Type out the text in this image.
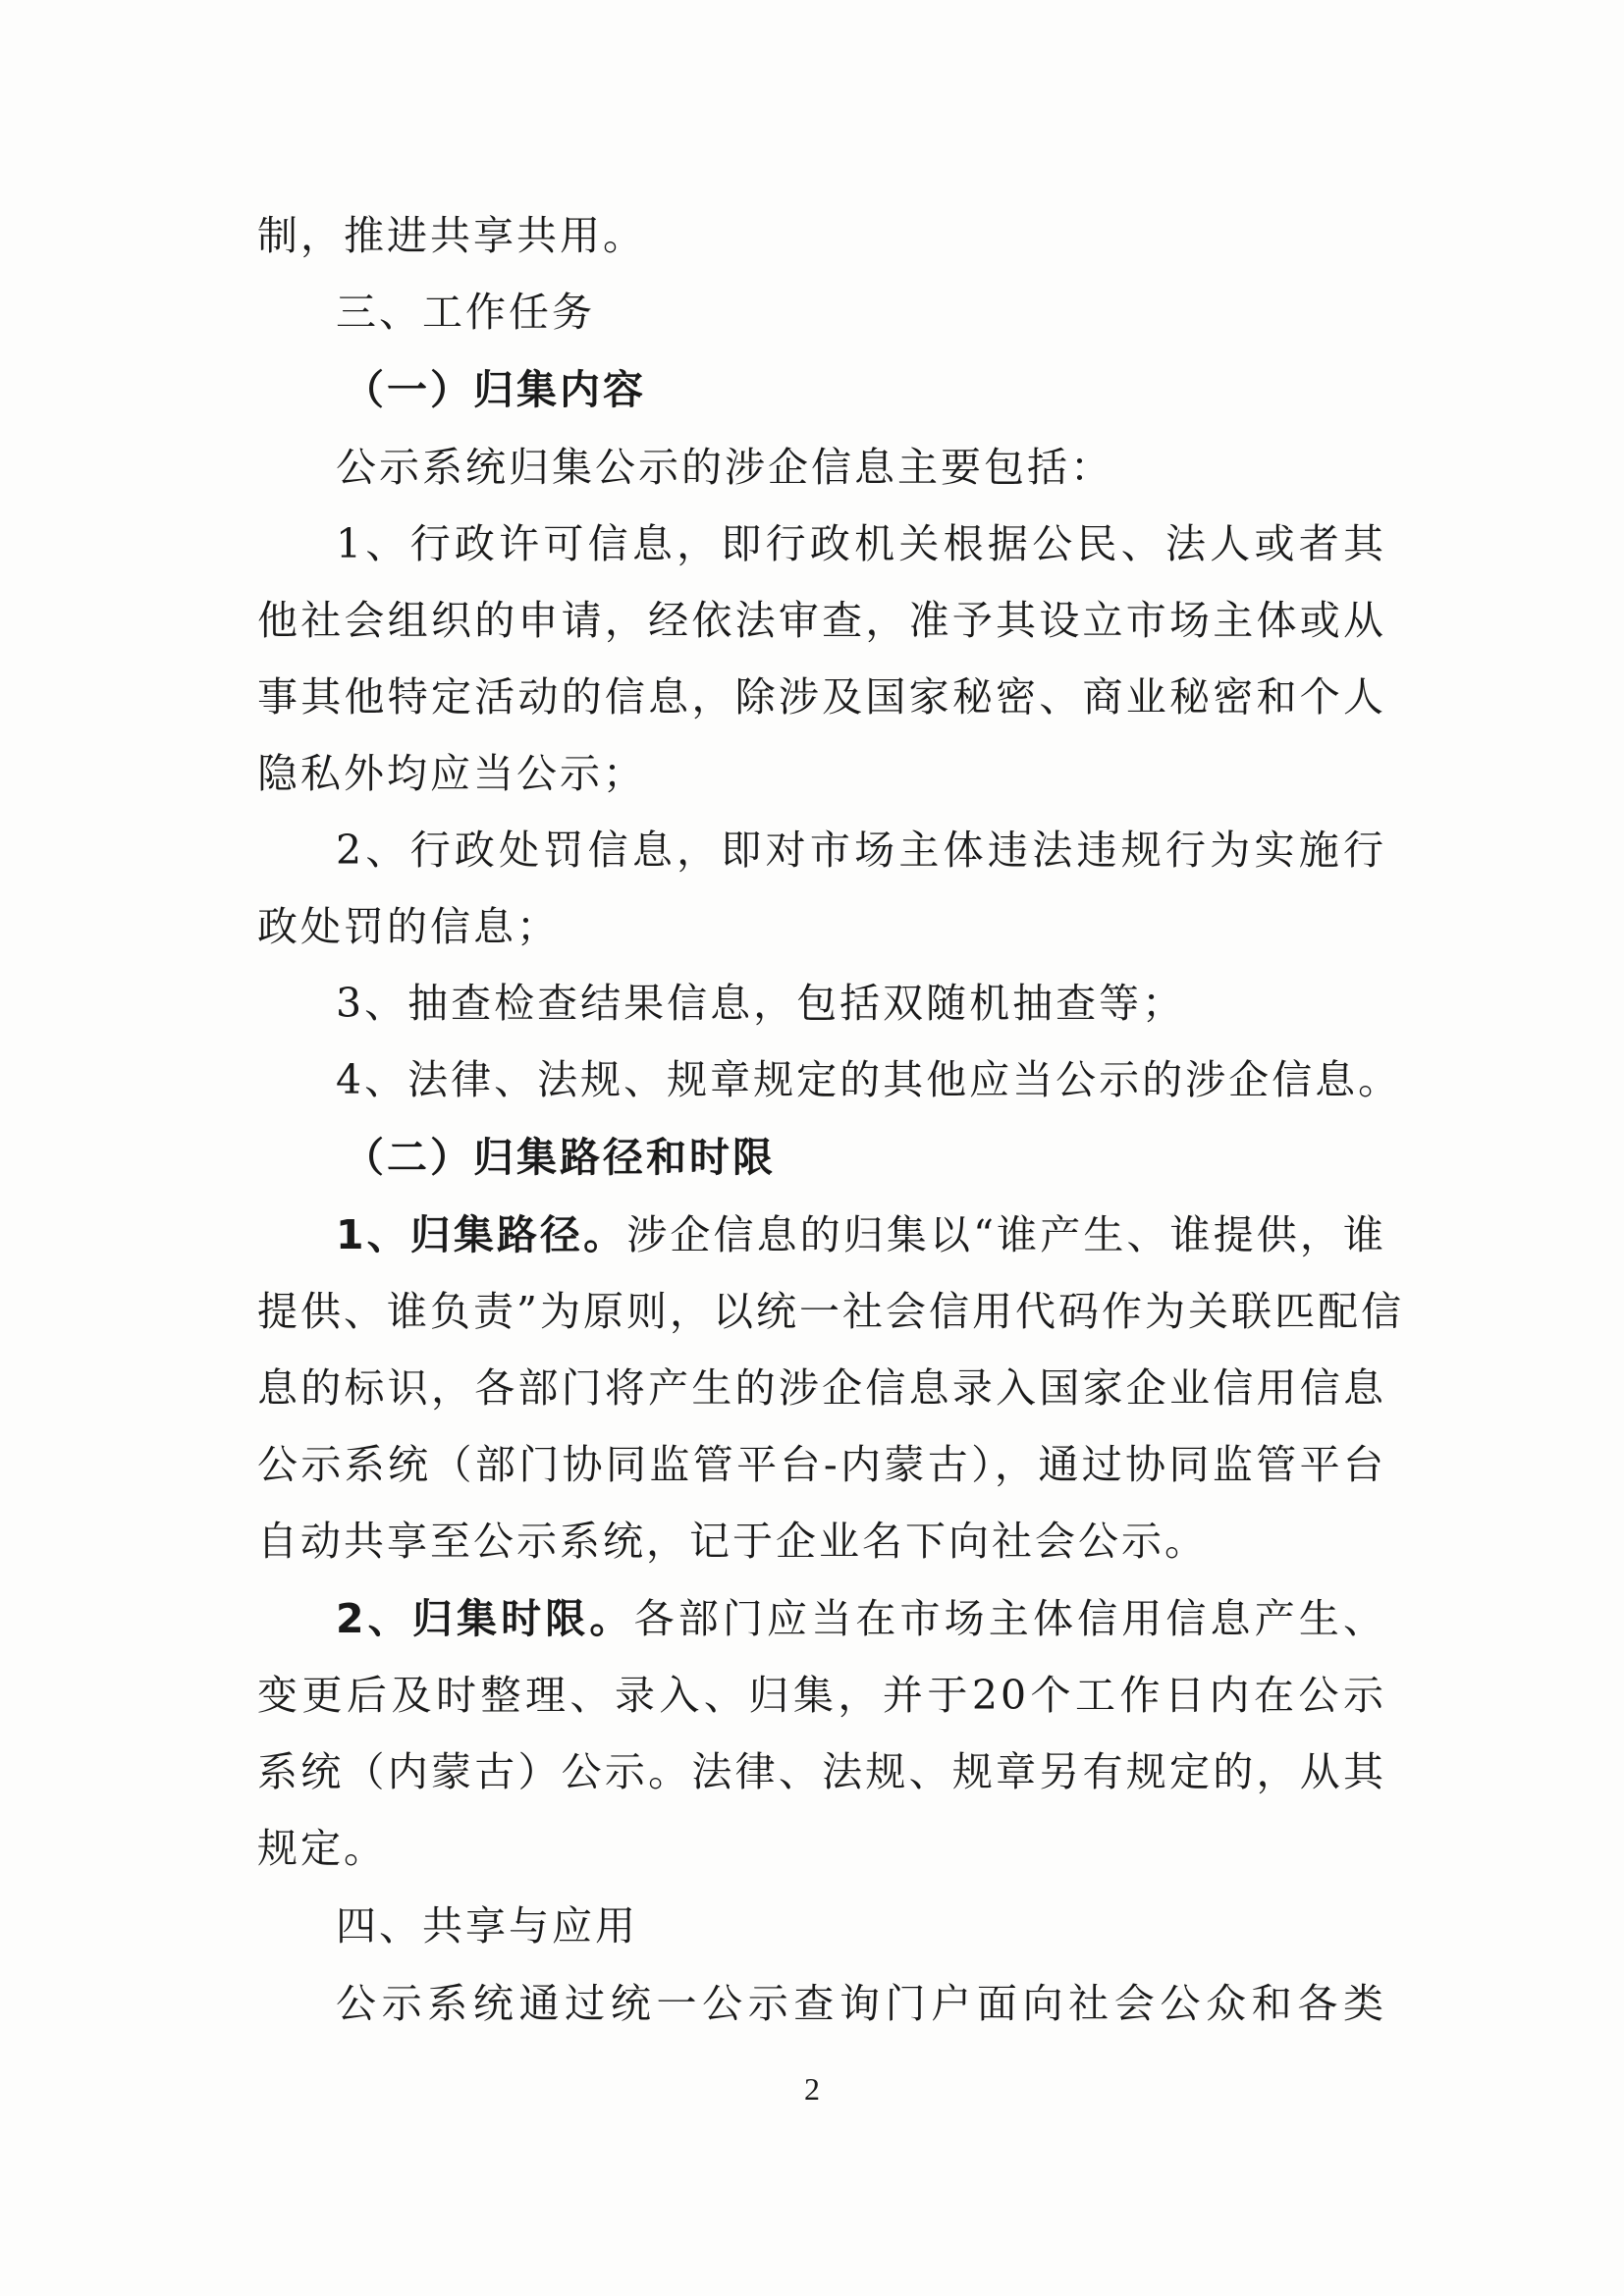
制，推进共享共用。
三、工作任务
（一）归集内容
公示系统归集公示的涉企信息主要包括：
1、行政许可信息，即行政机关根据公民、法人或者其
他社会组织的申请，经依法审查，准予其设立市场主体或从
事其他特定活动的信息，除涉及国家秘密、商业秘密和个人
隐私外均应当公示；
2、行政处罚信息，即对市场主体违法违规行为实施行
政处罚的信息；
3、抽查检查结果信息，包括双随机抽查等；
4、法律、法规、规章规定的其他应当公示的涉企信息。
（二）归集路径和时限
1、归集路径。涉企信息的归集以“谁产生、谁提供，谁
提供、谁负责”为原则，以统一社会信用代码作为关联匹配信
息的标识，各部门将产生的涉企信息录入国家企业信用信息
公示系统（部门协同监管平台-内蒙古），通过协同监管平台
自动共享至公示系统，记于企业名下向社会公示。
2、归集时限。各部门应当在市场主体信用信息产生、
变更后及时整理、录入、归集，并于20个工作日内在公示
系统（内蒙古）公示。法律、法规、规章另有规定的，从其
规定。
四、共享与应用
公示系统通过统一公示查询门户面向社会公众和各类
2
